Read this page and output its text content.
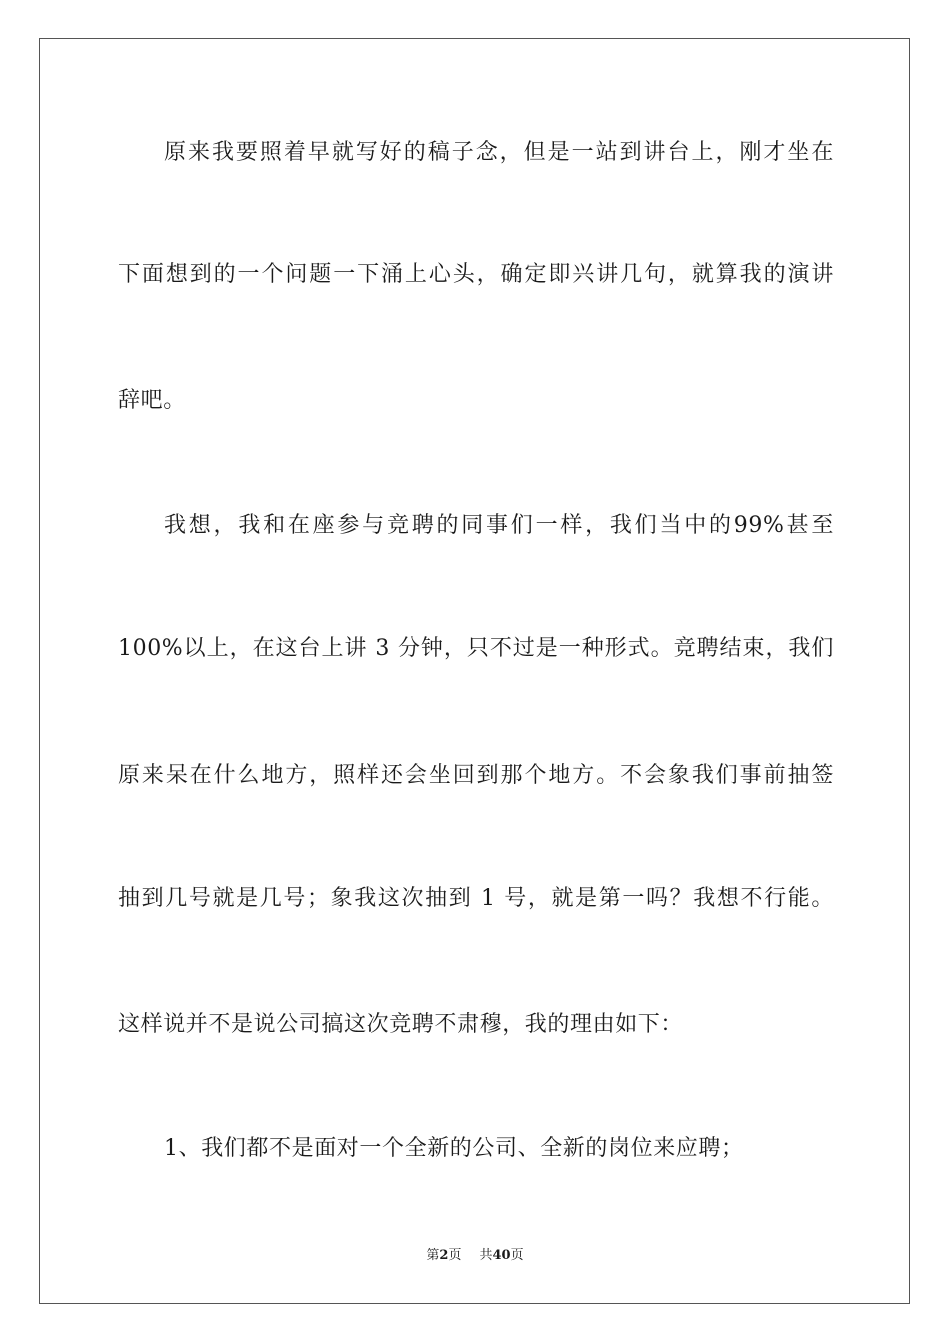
原来我要照着早就写好的稿子念，但是一站到讲台上，刚才坐在
下面想到的一个问题一下涌上心头，确定即兴讲几句，就算我的演讲
辞吧。
我想，我和在座参与竞聘的同事们一样，我们当中的99%甚至
100%以上，在这台上讲 3 分钟，只不过是一种形式。竞聘结束，我们
原来呆在什么地方，照样还会坐回到那个地方。不会象我们事前抽签
抽到几号就是几号；象我这次抽到 1 号，就是第一吗？我想不行能。
这样说并不是说公司搞这次竞聘不肃穆，我的理由如下：
1、我们都不是面对一个全新的公司、全新的岗位来应聘；
第2页 共40页
